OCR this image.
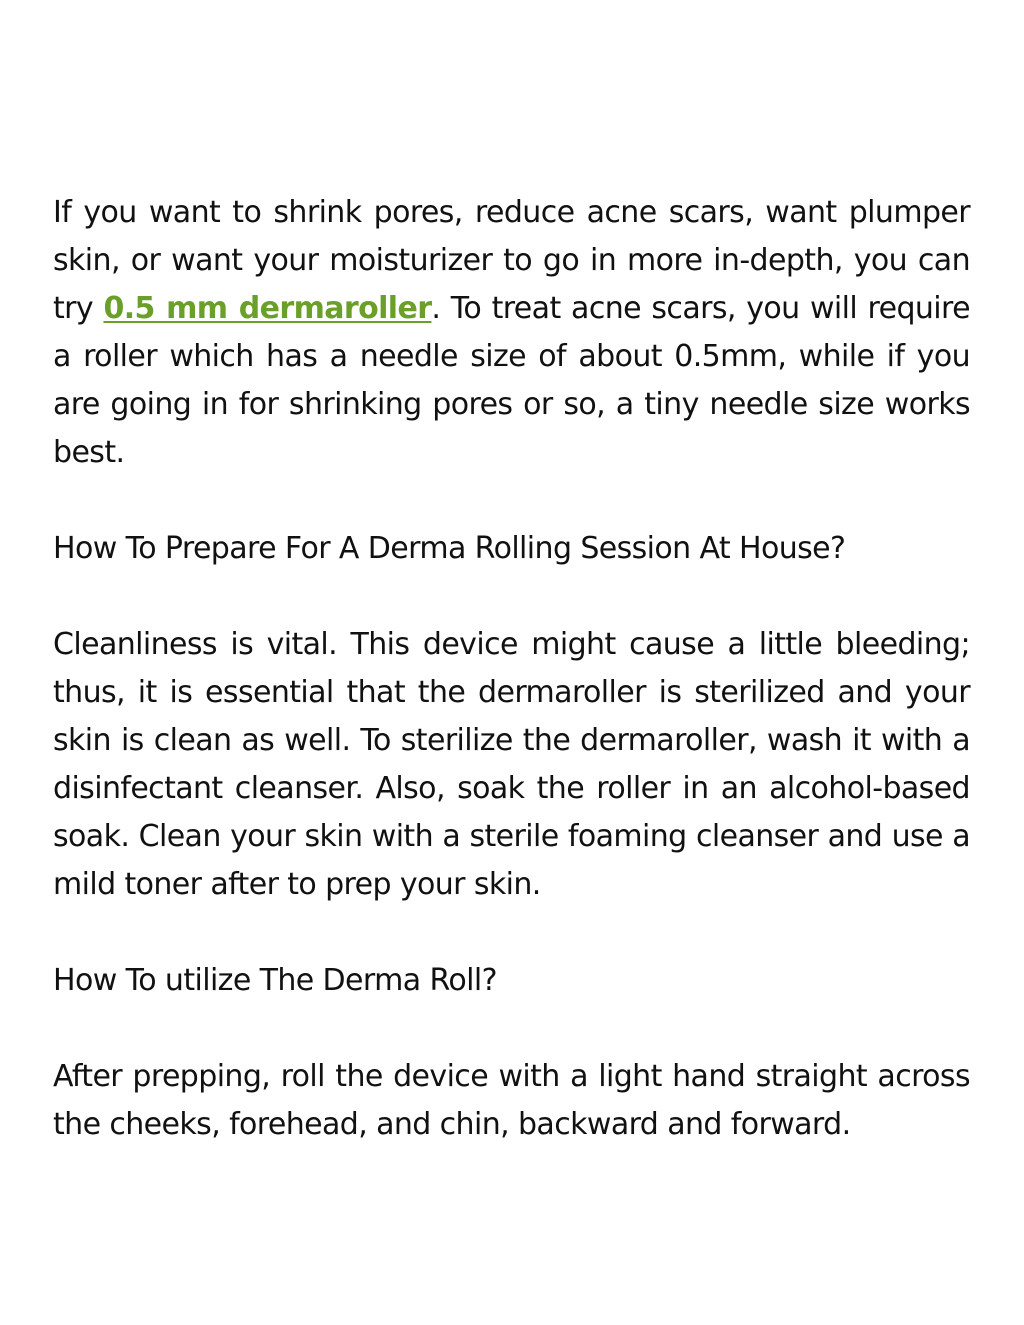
If you want to shrink pores, reduce acne scars, want plumper skin, or want your moisturizer to go in more in-depth, you can try 0.5 mm dermaroller. To treat acne scars, you will require a roller which has a needle size of about 0.5mm, while if you are going in for shrinking pores or so, a tiny needle size works best.

How To Prepare For A Derma Rolling Session At House?

Cleanliness is vital. This device might cause a little bleeding; thus, it is essential that the dermaroller is sterilized and your skin is clean as well. To sterilize the dermaroller, wash it with a disinfectant cleanser. Also, soak the roller in an alcohol-based soak. Clean your skin with a sterile foaming cleanser and use a mild toner after to prep your skin.

How To utilize The Derma Roll?

After prepping, roll the device with a light hand straight across the cheeks, forehead, and chin, backward and forward.
